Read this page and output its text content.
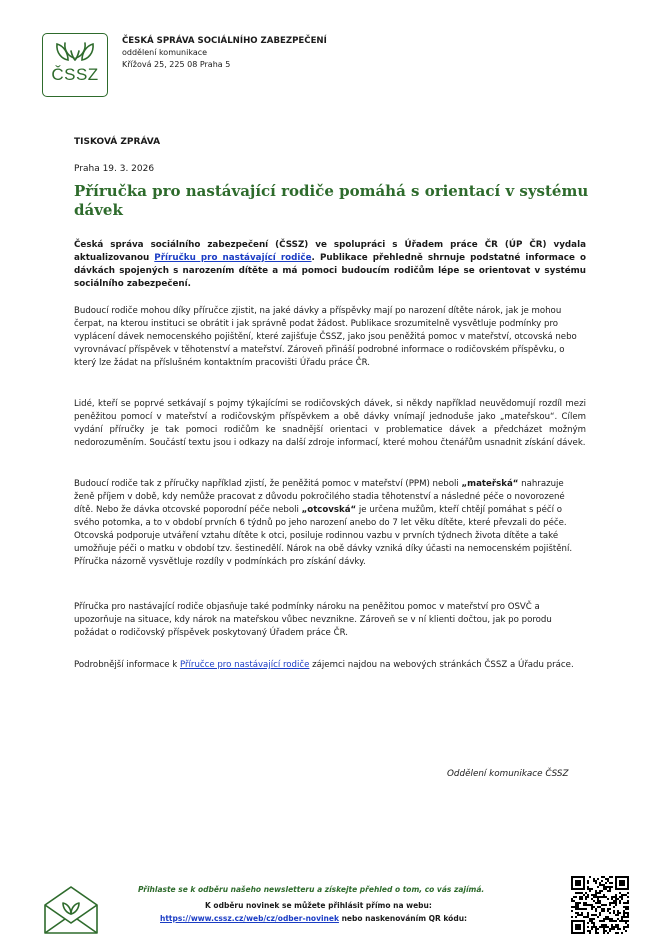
ČSSZ
ČESKÁ SPRÁVA SOCIÁLNÍHO ZABEZPEČENÍ
oddělení komunikace
Křížová 25, 225 08 Praha 5
TISKOVÁ ZPRÁVA
Praha 19. 3. 2026
Příručka pro nastávající rodiče pomáhá s orientací v systému dávek

Česká správa sociálního zabezpečení (ČSSZ) ve spolupráci s Úřadem práce ČR (ÚP ČR) vydala aktualizovanou Příručku pro nastávající rodiče. Publikace přehledně shrnuje podstatné informace o dávkách spojených s narozením dítěte a má pomoci budoucím rodičům lépe se orientovat v systému sociálního zabezpečení.

Budoucí rodiče mohou díky příručce zjistit, na jaké dávky a příspěvky mají po narození dítěte nárok, jak je mohou čerpat, na kterou instituci se obrátit i jak správně podat žádost. Publikace srozumitelně vysvětluje podmínky pro vyplácení dávek nemocenského pojištění, které zajišťuje ČSSZ, jako jsou peněžitá pomoc v mateřství, otcovská nebo vyrovnávací příspěvek v těhotenství a mateřství. Zároveň přináší podrobné informace o rodičovském příspěvku, o který lze žádat na příslušném kontaktním pracovišti Úřadu práce ČR.

Lidé, kteří se poprvé setkávají s pojmy týkajícími se rodičovských dávek, si někdy například neuvědomují rozdíl mezi peněžitou pomocí v mateřství a rodičovským příspěvkem a obě dávky vnímají jednoduše jako „mateřskou“. Cílem vydání příručky je tak pomoci rodičům ke snadnější orientaci v problematice dávek a předcházet možným nedorozuměním. Součástí textu jsou i odkazy na další zdroje informací, které mohou čtenářům usnadnit získání dávek.

Budoucí rodiče tak z příručky například zjistí, že peněžitá pomoc v mateřství (PPM) neboli „mateřská“ nahrazuje ženě příjem v době, kdy nemůže pracovat z důvodu pokročilého stadia těhotenství a následné péče o novorozené dítě. Nebo že dávka otcovské poporodní péče neboli „otcovská“ je určena mužům, kteří chtějí pomáhat s péčí o svého potomka, a to v období prvních 6 týdnů po jeho narození anebo do 7 let věku dítěte, které převzali do péče. Otcovská podporuje utváření vztahu dítěte k otci, posiluje rodinnou vazbu v prvních týdnech života dítěte a také umožňuje péči o matku v období tzv. šestinedělí. Nárok na obě dávky vzniká díky účasti na nemocenském pojištění. Příručka názorně vysvětluje rozdíly v podmínkách pro získání dávky.

Příručka pro nastávající rodiče objasňuje také podmínky nároku na peněžitou pomoc v mateřství pro OSVČ a upozorňuje na situace, kdy nárok na mateřskou vůbec nevznikne. Zároveň se v ní klienti dočtou, jak po porodu požádat o rodičovský příspěvek poskytovaný Úřadem práce ČR.

Podrobnější informace k Příručce pro nastávající rodiče zájemci najdou na webových stránkách ČSSZ a Úřadu práce.

Oddělení komunikace ČSSZ
Přihlaste se k odběru našeho newsletteru a získejte přehled o tom, co vás zajímá.
K odběru novinek se můžete přihlásit přímo na webu:
https://www.cssz.cz/web/cz/odber-novinek nebo naskenováním QR kódu:
